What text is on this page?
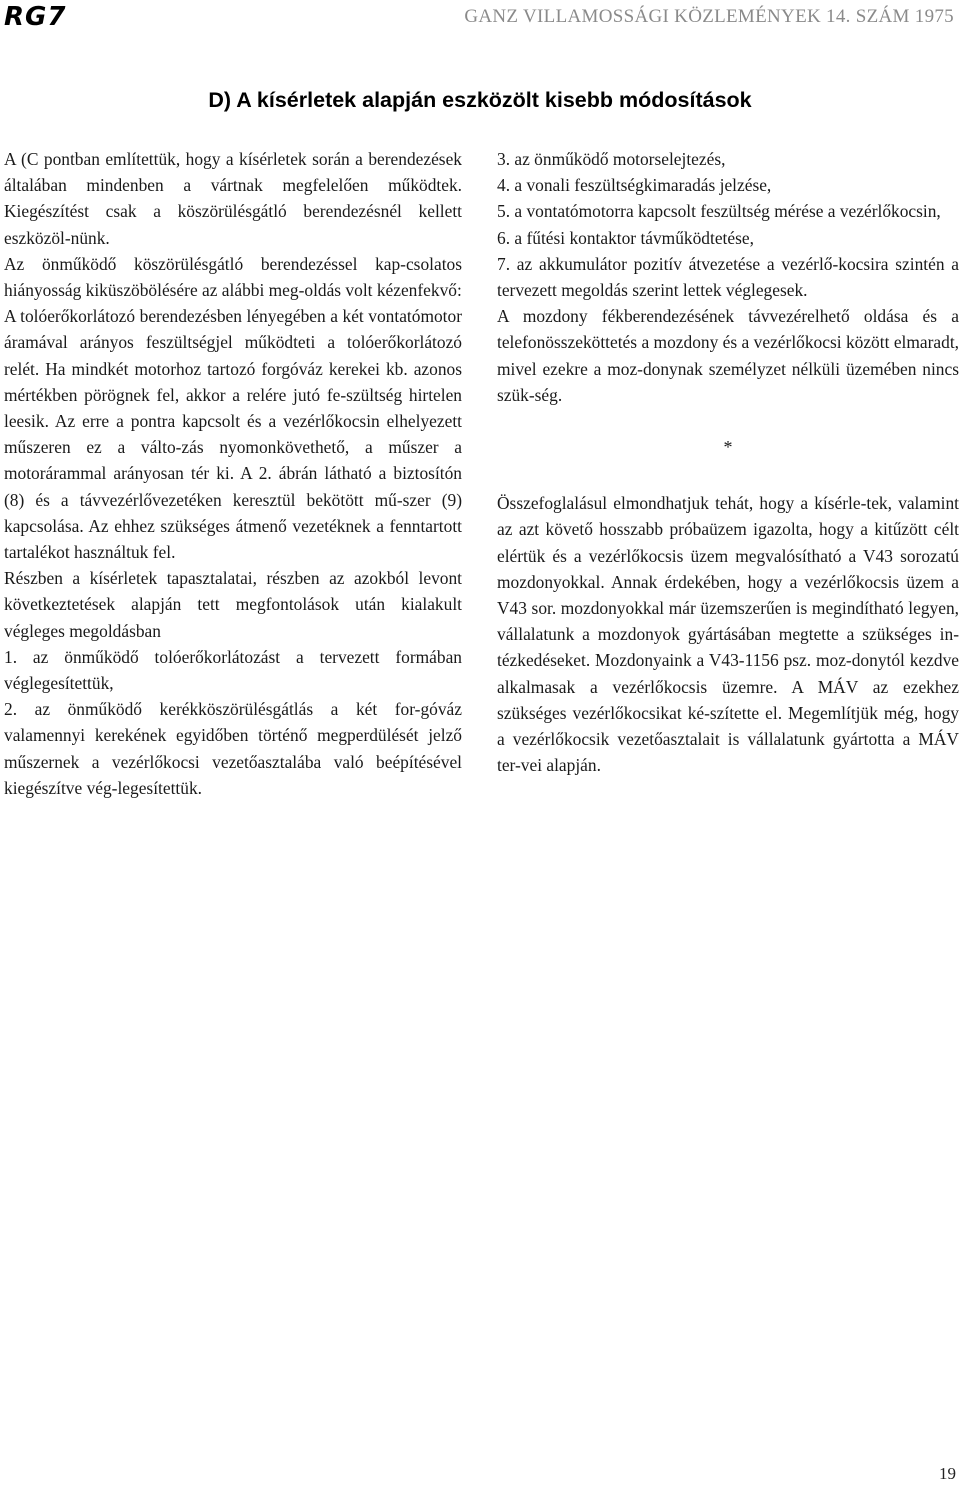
RG7	GANZ VILLAMOSSÁGI KÖZLEMÉNYEK 14. SZÁM 1975
D) A kísérletek alapján eszközölt kisebb módosítások

A (C pontban említettük, hogy a kísérletek során a berendezések általában mindenben a vártnak megfelelően működtek. Kiegészítést csak a köszörülésgátló berendezésnél kellett eszközöl-nünk.

Az önműködő köszörülésgátló berendezéssel kap-csolatos hiányosság kiküszöbölésére az alábbi meg-oldás volt kézenfekvő:

A tolóerőkorlátozó berendezésben lényegében a két vontatómotor áramával arányos feszültségjel működteti a tolóerőkorlátozó relét. Ha mindkét motorhoz tartozó forgóváz kerekei kb. azonos mértékben pörögnek fel, akkor a relére jutó fe-szültség hirtelen leesik. Az erre a pontra kapcsolt és a vezérlőkocsin elhelyezett műszeren ez a válto-zás nyomonkövethető, a műszer a motorárammal arányosan tér ki. A 2. ábrán látható a biztosítón (8) és a távvezérlővezetéken keresztül bekötött mű-szer (9) kapcsolása. Az ehhez szükséges átmenő vezetéknek a fenntartott tartalékot használtuk fel.

Részben a kísérletek tapasztalatai, részben az azokból levont következtetések alapján tett megfontolások után kialakult végleges megoldásban

1. az önműködő tolóerőkorlátozást a tervezett formában véglegesítettük,

2. az önműködő kerékköszörülésgátlás a két for-góváz valamennyi kerekének egyidőben történő megperdülését jelző műszernek a vezérlőkocsi vezetőasztalába való beépítésével kiegészítve vég-legesítettük.

3. az önműködő motorselejtezés,

4. a vonali feszültségkimaradás jelzése,

5. a vontatómotorra kapcsolt feszültség mérése a vezérlőkocsin,

6. a fűtési kontaktor távműködtetése,

7. az akkumulátor pozitív átvezetése a vezérlő-kocsira szintén a tervezett megoldás szerint lettek véglegesek.

A mozdony fékberendezésének távvezérelhető oldása és a telefonösszeköttetés a mozdony és a vezérlőkocsi között elmaradt, mivel ezekre a moz-donynak személyzet nélküli üzemében nincs szük-ség.

*

Összefoglalásul elmondhatjuk tehát, hogy a kísérle-tek, valamint az azt követő hosszabb próbaüzem igazolta, hogy a kitűzött célt elértük és a vezérlőkocsis üzem megvalósítható a V43 sorozatú mozdonyokkal. Annak érdekében, hogy a vezérlőkocsis üzem a V43 sor. mozdonyokkal már üzemszerűen is megindítható legyen, vállalatunk a mozdonyok gyártásában megtette a szükséges in-tézkedéseket. Mozdonyaink a V43-1156 psz. moz-donytól kezdve alkalmasak a vezérlőkocsis üzemre. A MÁV az ezekhez szükséges vezérlőkocsikat ké-szítette el. Megemlítjük még, hogy a vezérlőkocsik vezetőasztalait is vállalatunk gyártotta a MÁV ter-vei alapján.

19
